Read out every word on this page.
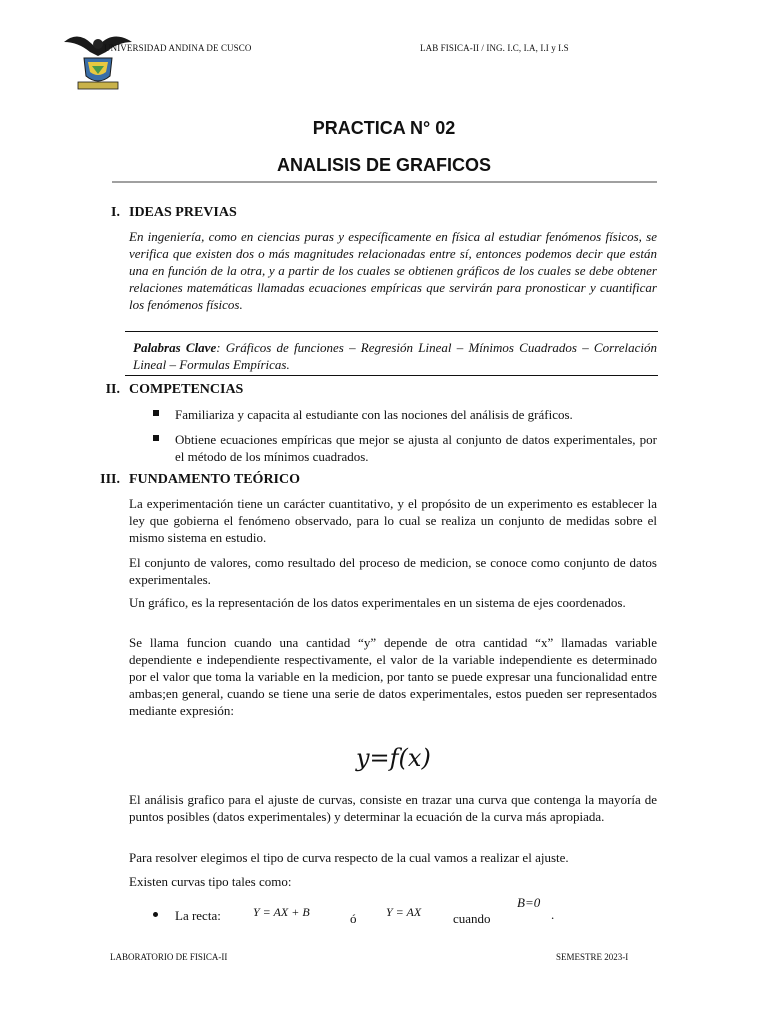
UNIVERSIDAD ANDINA DE CUSCO	LAB FISICA-II / ING. I.C, I.A, I.I y I.S
PRACTICA N° 02
ANALISIS DE GRAFICOS
I. IDEAS PREVIAS
En ingeniería, como en ciencias puras y específicamente en física al estudiar fenómenos físicos, se verifica que existen dos o más magnitudes relacionadas entre sí, entonces podemos decir que están una en función de la otra, y a partir de los cuales se obtienen gráficos de los cuales se debe obtener relaciones matemáticas llamadas ecuaciones empíricas que servirán para pronosticar y cuantificar los fenómenos físicos.
Palabras Clave: Gráficos de funciones – Regresión Lineal – Mínimos Cuadrados – Correlación Lineal – Formulas Empíricas.
II. COMPETENCIAS
Familiariza y capacita al estudiante con las nociones del análisis de gráficos.
Obtiene ecuaciones empíricas que mejor se ajusta al conjunto de datos experimentales, por el método de los mínimos cuadrados.
III. FUNDAMENTO TEÓRICO
La experimentación tiene un carácter cuantitativo, y el propósito de un experimento es establecer la ley que gobierna el fenómeno observado, para lo cual se realiza un conjunto de medidas sobre el mismo sistema en estudio.
El conjunto de valores, como resultado del proceso de medicion, se conoce como conjunto de datos experimentales.
Un gráfico, es la representación de los datos experimentales en un sistema de ejes coordenados.
Se llama funcion cuando una cantidad “y” depende de otra cantidad “x” llamadas variable dependiente e independiente respectivamente, el valor de la variable independiente es determinado por el valor que toma la variable en la medicion, por tanto se puede expresar una funcionalidad entre ambas;en general, cuando se tiene una serie de datos experimentales, estos pueden ser representados mediante expresión:
y=f(x)
El análisis grafico para el ajuste de curvas, consiste en trazar una curva que contenga la mayoría de puntos posibles (datos experimentales) y determinar la ecuación de la curva más apropiada.
Para resolver elegimos el tipo de curva respecto de la cual vamos a realizar el ajuste.
Existen curvas tipo tales como:
La recta:	Y = AX + B	ó Y = AX cuando
B=0
.
LABORATORIO DE FISICA-II	SEMESTRE 2023-I
